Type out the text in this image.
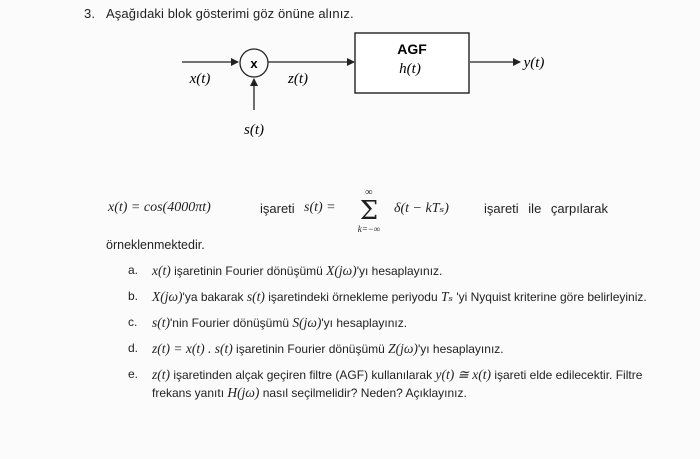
3. Aşağıdaki blok gösterimi göz önüne alınız.
x
AGF
h(t)
x(t)	z(t)
s(t)
y(t)
x(t) = cos(4000πt)	işareti s(t) =
∞
Σ
k=−∞
δ(t − kTₛ)	işareti ile çarpılarak
örneklenmektedir.
a.	x(t) işaretinin Fourier dönüşümü X(jω)'yı hesaplayınız.
b.	X(jω)'ya bakarak s(t) işaretindeki örnekleme periyodu Tₛ 'yi Nyquist kriterine göre belirleyiniz.
c.	s(t)'nin Fourier dönüşümü S(jω)'yı hesaplayınız.
d.	z(t) = x(t) . s(t) işaretinin Fourier dönüşümü Z(jω)'yı hesaplayınız.
e.	z(t) işaretinden alçak geçiren filtre (AGF) kullanılarak y(t) ≅ x(t) işareti elde edilecektir. Filtre frekans yanıtı H(jω) nasıl seçilmelidir? Neden? Açıklayınız.
